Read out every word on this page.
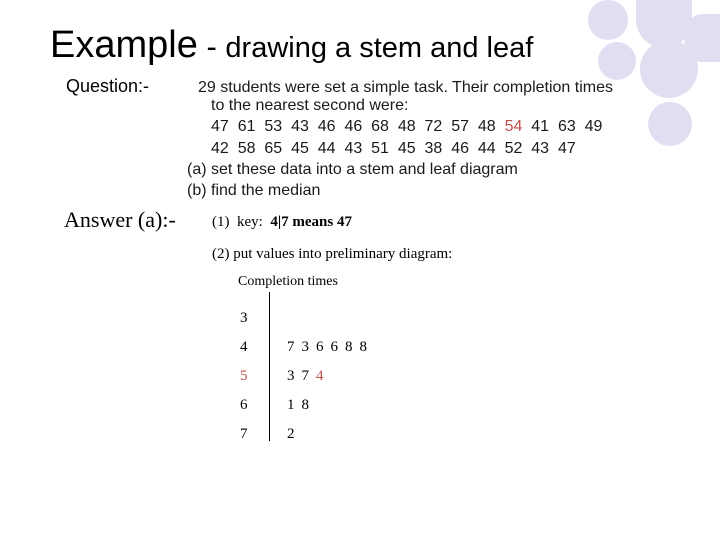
Example - drawing a stem and leaf
Question:-	29 students were set a simple task. Their completion times
to the nearest second were:
47  61  53  43  46  46  68  48  72  57  48  54  41  63  49
42  58  65  45  44  43  51  45  38  46  44  52  43  47
(a) set these data into a stem and leaf diagram
(b) find the median
Answer (a):- (1)  key:  4|7 means 47
(2) put values into preliminary diagram:
Completion times
3
4	7 3 6 6 8 8
5	3 7 4
6	1 8
7	2
